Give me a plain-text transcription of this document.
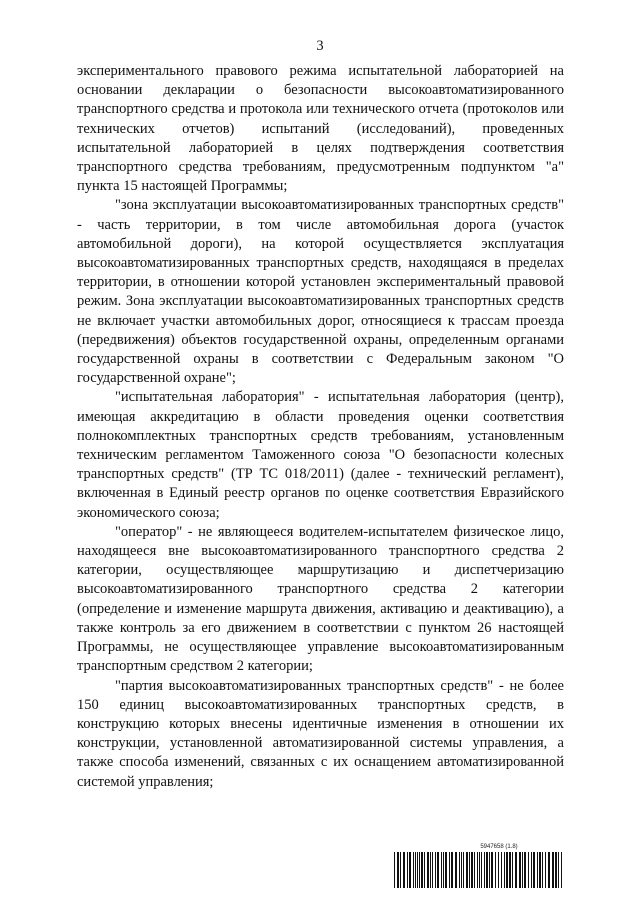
3

экспериментального правового режима испытательной лабораторией на основании декларации о безопасности высокоавтоматизированного транспортного средства и протокола или технического отчета (протоколов или технических отчетов) испытаний (исследований), проведенных испытательной лабораторией в целях подтверждения соответствия транспортного средства требованиям, предусмотренным подпунктом "а" пункта 15 настоящей Программы;

"зона эксплуатации высокоавтоматизированных транспортных средств" - часть территории, в том числе автомобильная дорога (участок автомобильной дороги), на которой осуществляется эксплуатация высокоавтоматизированных транспортных средств, находящаяся в пределах территории, в отношении которой установлен экспериментальный правовой режим. Зона эксплуатации высокоавтоматизированных транспортных средств не включает участки автомобильных дорог, относящиеся к трассам проезда (передвижения) объектов государственной охраны, определенным органами государственной охраны в соответствии с Федеральным законом "О государственной охране";

"испытательная лаборатория" - испытательная лаборатория (центр), имеющая аккредитацию в области проведения оценки соответствия полнокомплектных транспортных средств требованиям, установленным техническим регламентом Таможенного союза "О безопасности колесных транспортных средств" (ТР ТС 018/2011) (далее - технический регламент), включенная в Единый реестр органов по оценке соответствия Евразийского экономического союза;

"оператор" - не являющееся водителем-испытателем физическое лицо, находящееся вне высокоавтоматизированного транспортного средства 2 категории, осуществляющее маршрутизацию и диспетчеризацию высокоавтоматизированного транспортного средства 2 категории (определение и изменение маршрута движения, активацию и деактивацию), а также контроль за его движением в соответствии с пунктом 26 настоящей Программы, не осуществляющее управление высокоавтоматизированным транспортным средством 2 категории;

"партия высокоавтоматизированных транспортных средств" - не более 150 единиц высокоавтоматизированных транспортных средств, в конструкцию которых внесены идентичные изменения в отношении их конструкции, установленной автоматизированной системы управления, а также способа изменений, связанных с их оснащением автоматизированной системой управления;

5947658 (1.8)
